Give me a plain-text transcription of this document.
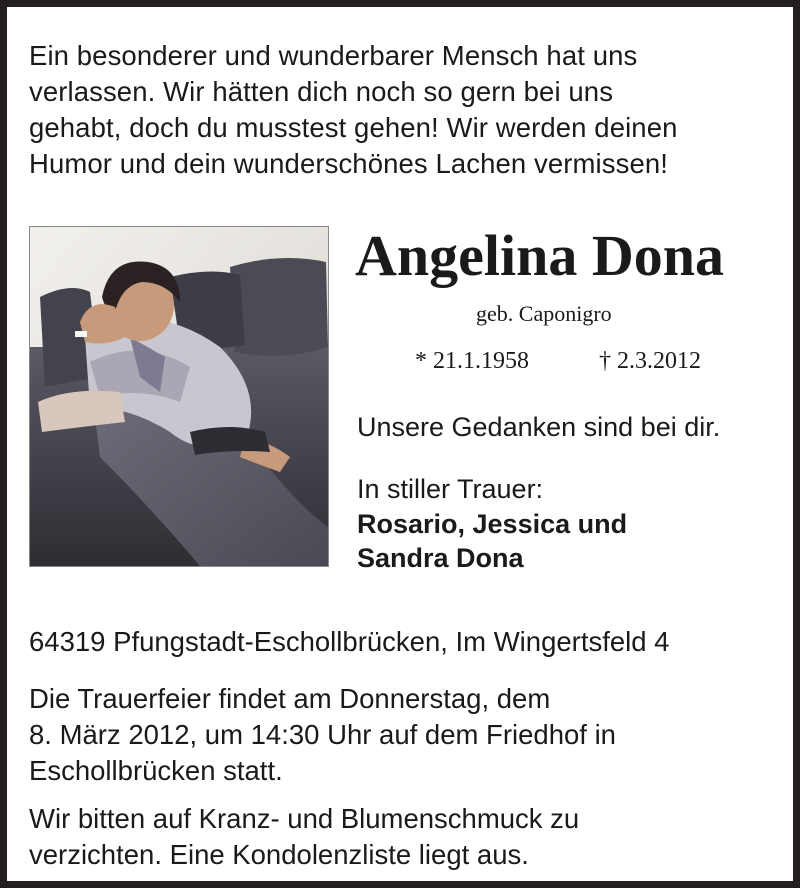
Ein besonderer und wunderbarer Mensch hat uns
verlassen. Wir hätten dich noch so gern bei uns
gehabt, doch du musstest gehen! Wir werden deinen
Humor und dein wunderschönes Lachen vermissen!
Angelina Dona
geb. Caponigro
* 21.1.1958	† 2.3.2012
Unsere Gedanken sind bei dir.
In stiller Trauer:
Rosario, Jessica und
Sandra Dona
64319 Pfungstadt-Eschollbrücken, Im Wingertsfeld 4
Die Trauerfeier findet am Donnerstag, dem
8. März 2012, um 14:30 Uhr auf dem Friedhof in
Eschollbrücken statt.
Wir bitten auf Kranz- und Blumenschmuck zu
verzichten. Eine Kondolenzliste liegt aus.
